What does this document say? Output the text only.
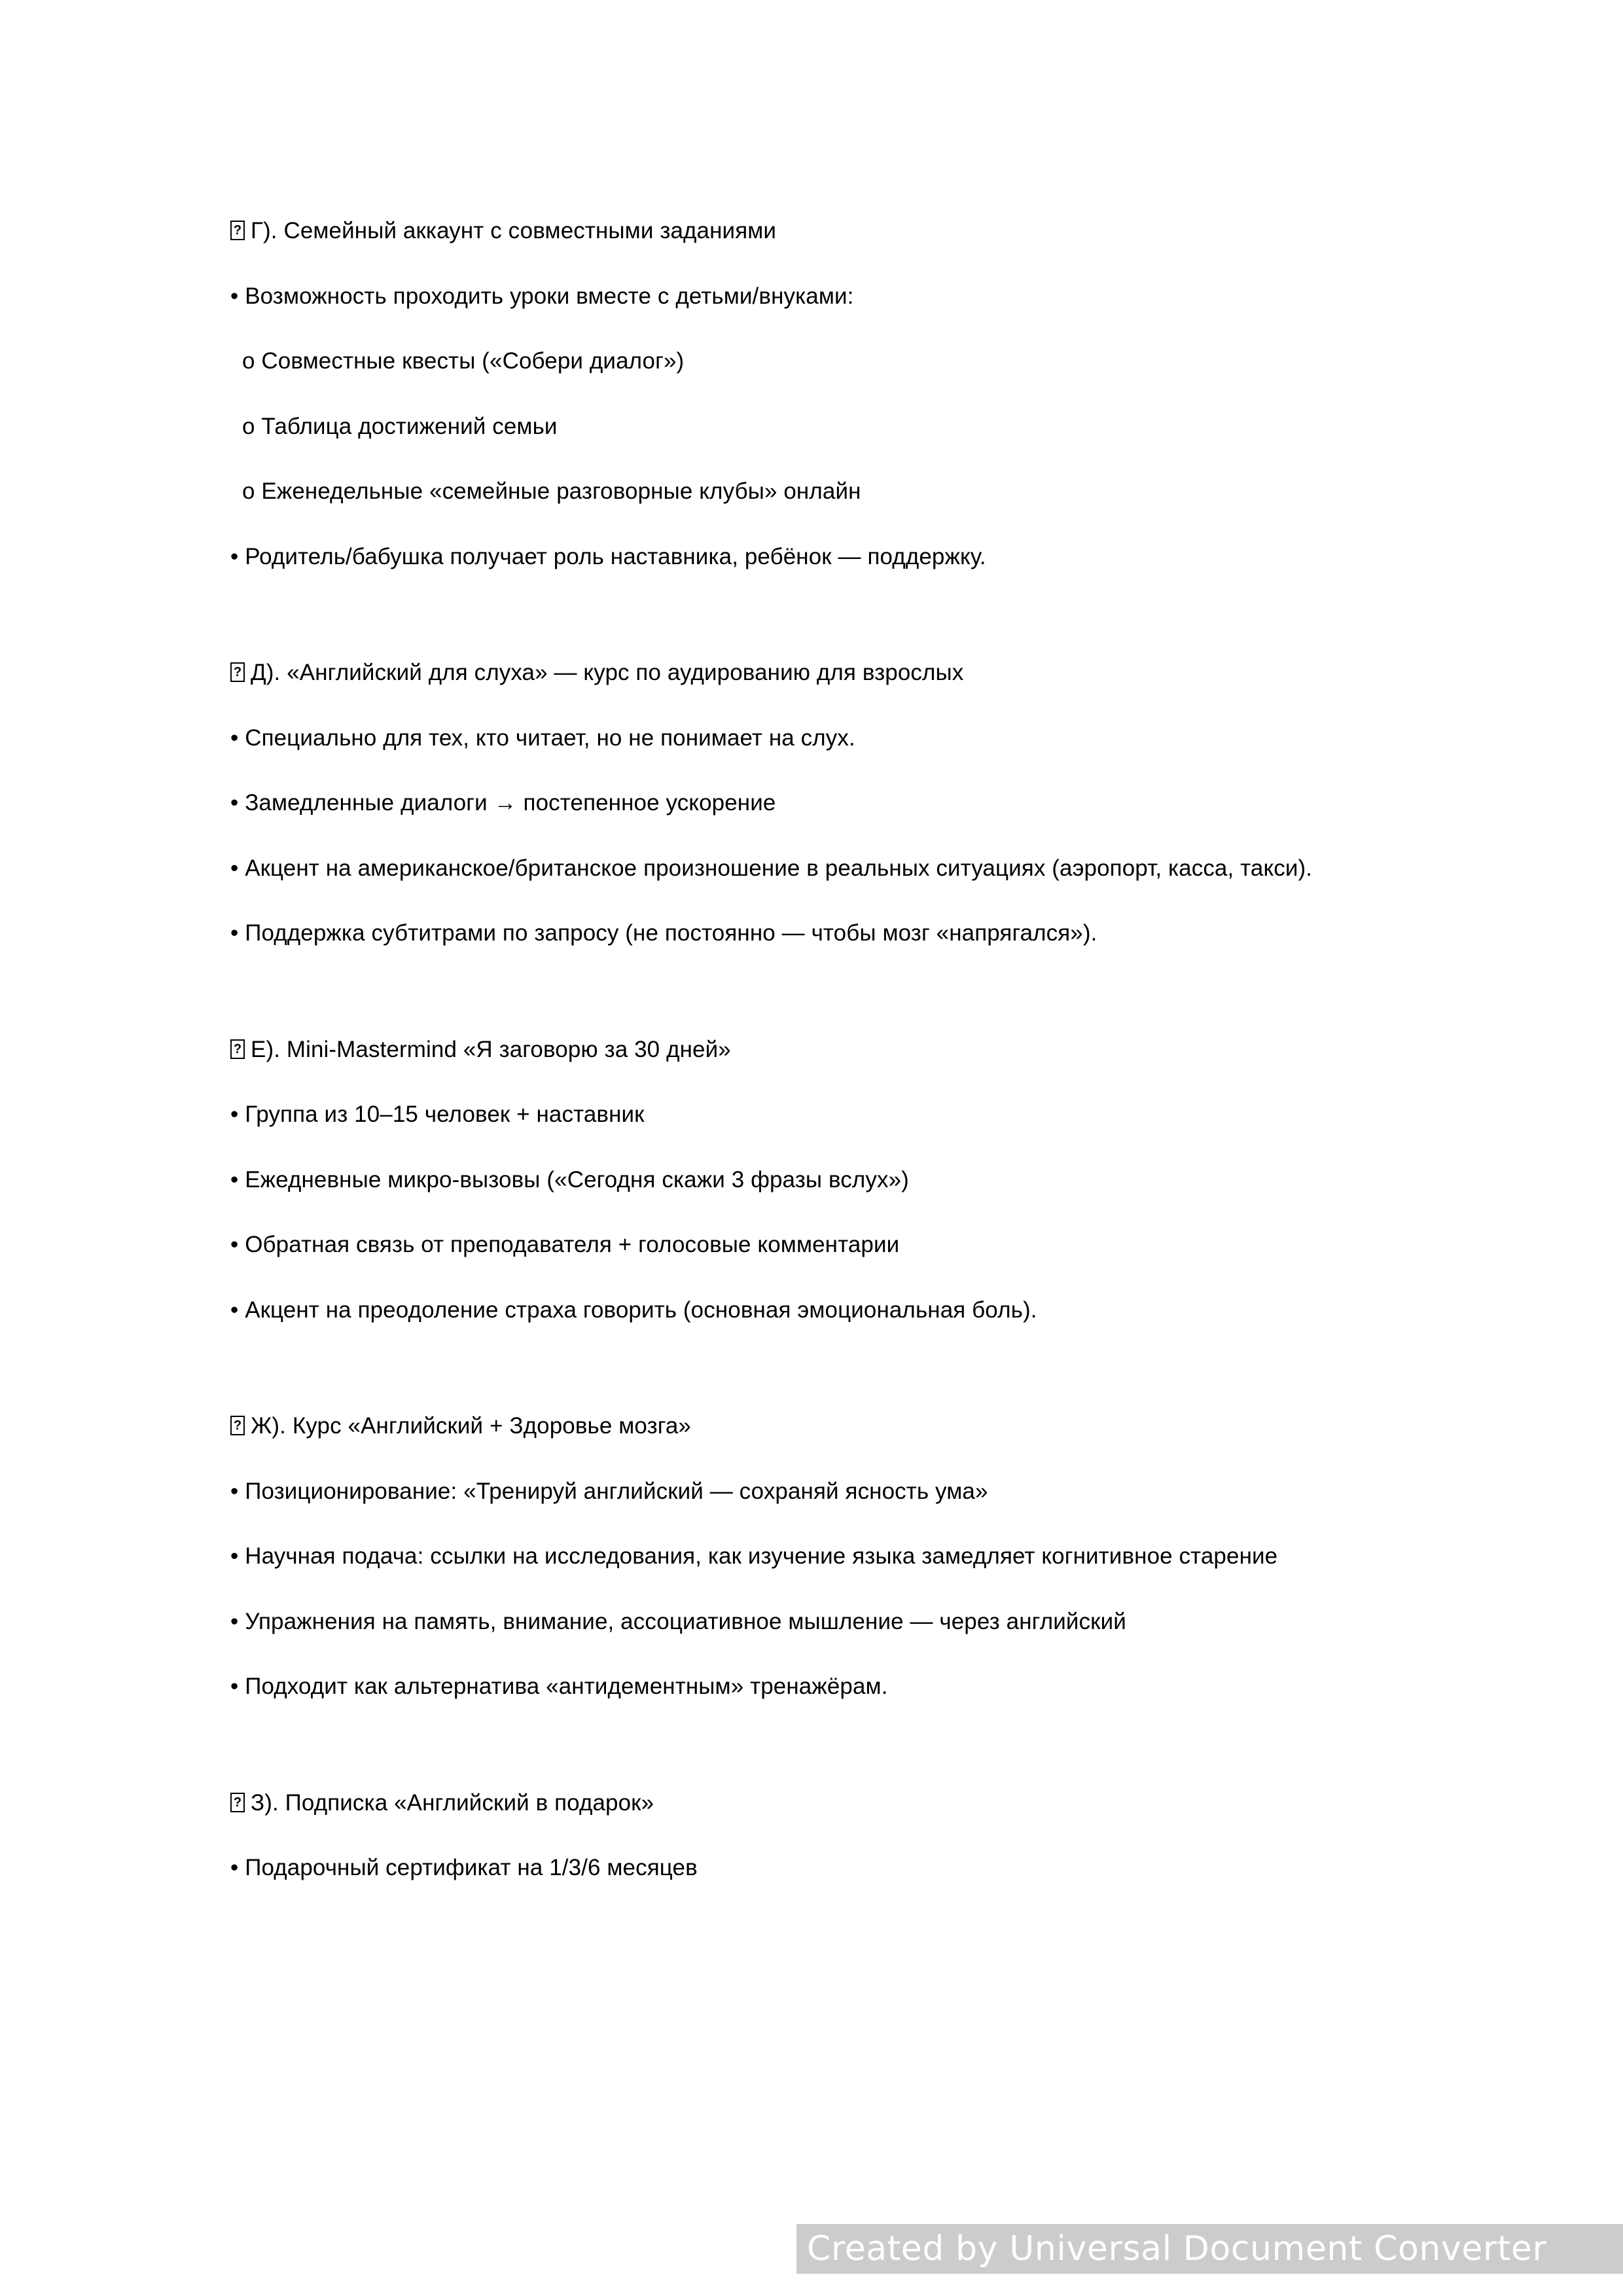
?Г). Семейный аккаунт с совместными заданиями

• Возможность проходить уроки вместе с детьми/внуками:

o Совместные квесты («Собери диалог»)

o Таблица достижений семьи

o Еженедельные «семейные разговорные клубы» онлайн

• Родитель/бабушка получает роль наставника, ребёнок — поддержку.

?Д). «Английский для слуха» — курс по аудированию для взрослых

• Специально для тех, кто читает, но не понимает на слух.

• Замедленные диалоги → постепенное ускорение

• Акцент на американское/британское произношение в реальных ситуациях (аэропорт, касса, такси).

• Поддержка субтитрами по запросу (не постоянно — чтобы мозг «напрягался»).

?Е). Mini-Mastermind «Я заговорю за 30 дней»

• Группа из 10–15 человек + наставник

• Ежедневные микро-вызовы («Сегодня скажи 3 фразы вслух»)

• Обратная связь от преподавателя + голосовые комментарии

• Акцент на преодоление страха говорить (основная эмоциональная боль).

?Ж). Курс «Английский + Здоровье мозга»

• Позиционирование: «Тренируй английский — сохраняй ясность ума»

• Научная подача: ссылки на исследования, как изучение языка замедляет когнитивное старение

• Упражнения на память, внимание, ассоциативное мышление — через английский

• Подходит как альтернатива «антидементным» тренажёрам.

?З). Подписка «Английский в подарок»

• Подарочный сертификат на 1/3/6 месяцев

Created by Universal Document Converter
